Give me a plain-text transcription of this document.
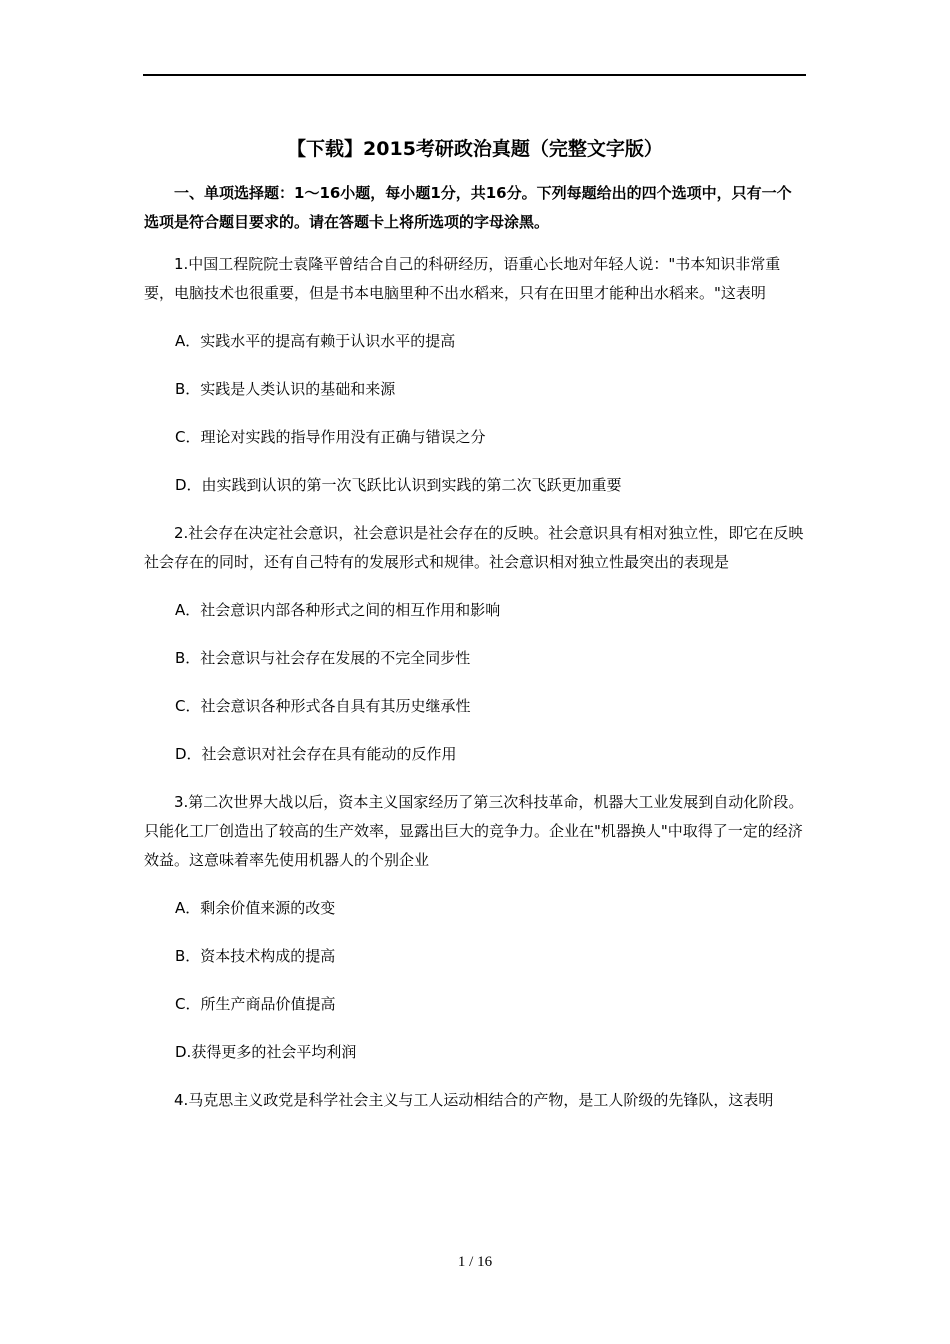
【下载】2015考研政治真题（完整文字版）
一、单项选择题：1～16小题，每小题1分，共16分。下列每题给出的四个选项中，只有一个选项是符合题目要求的。请在答题卡上将所选项的字母涂黑。
1.中国工程院院士袁隆平曾结合自己的科研经历，语重心长地对年轻人说："书本知识非常重要，电脑技术也很重要，但是书本电脑里种不出水稻来，只有在田里才能种出水稻来。"这表明
A．实践水平的提高有赖于认识水平的提高
B．实践是人类认识的基础和来源
C．理论对实践的指导作用没有正确与错误之分
D．由实践到认识的第一次飞跃比认识到实践的第二次飞跃更加重要
2.社会存在决定社会意识，社会意识是社会存在的反映。社会意识具有相对独立性，即它在反映社会存在的同时，还有自己特有的发展形式和规律。社会意识相对独立性最突出的表现是
A．社会意识内部各种形式之间的相互作用和影响
B．社会意识与社会存在发展的不完全同步性
C．社会意识各种形式各自具有其历史继承性
D．社会意识对社会存在具有能动的反作用
3.第二次世界大战以后，资本主义国家经历了第三次科技革命，机器大工业发展到自动化阶段。只能化工厂创造出了较高的生产效率，显露出巨大的竞争力。企业在"机器换人"中取得了一定的经济效益。这意味着率先使用机器人的个别企业
A．剩余价值来源的改变
B．资本技术构成的提高
C．所生产商品价值提高
D.获得更多的社会平均利润
4.马克思主义政党是科学社会主义与工人运动相结合的产物，是工人阶级的先锋队，这表明
1 / 16
